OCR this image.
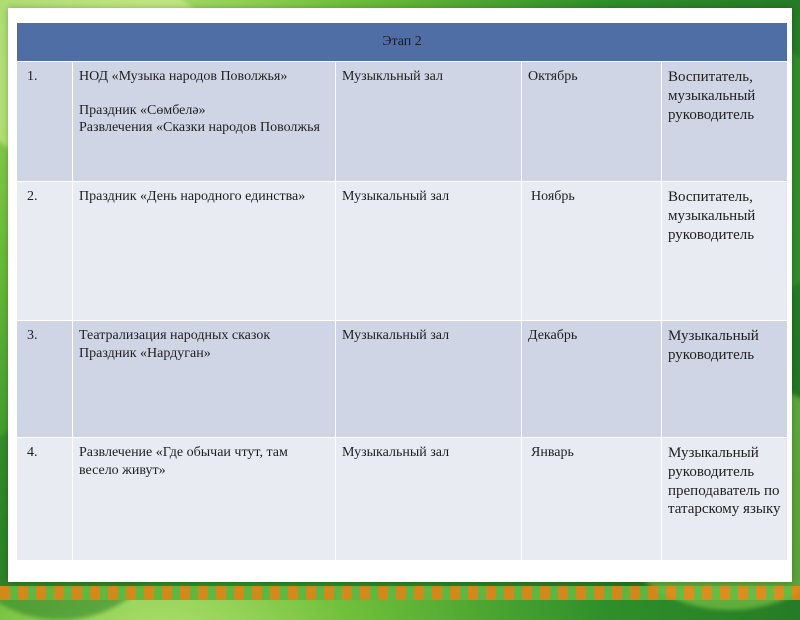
Этап 2				
1.	НОД «Музыка народов Поволжья»
Праздник «Сөмбелә»
Развлечения «Сказки народов Поволжья	Музыкльный зал	Октябрь	Воспитатель, музыкальный руководитель
2.	Праздник «День народного единства»	Музыкальный зал	Ноябрь	Воспитатель, музыкальный руководитель
3.	Театрализация народных сказок
Праздник «Нардуган»	Музыкальный зал	Декабрь	Музыкальный руководитель
4.	Развлечение «Где обычаи чтут, там весело живут»	Музыкальный зал	Январь	Музыкальный руководитель преподаватель по татарскому языку
